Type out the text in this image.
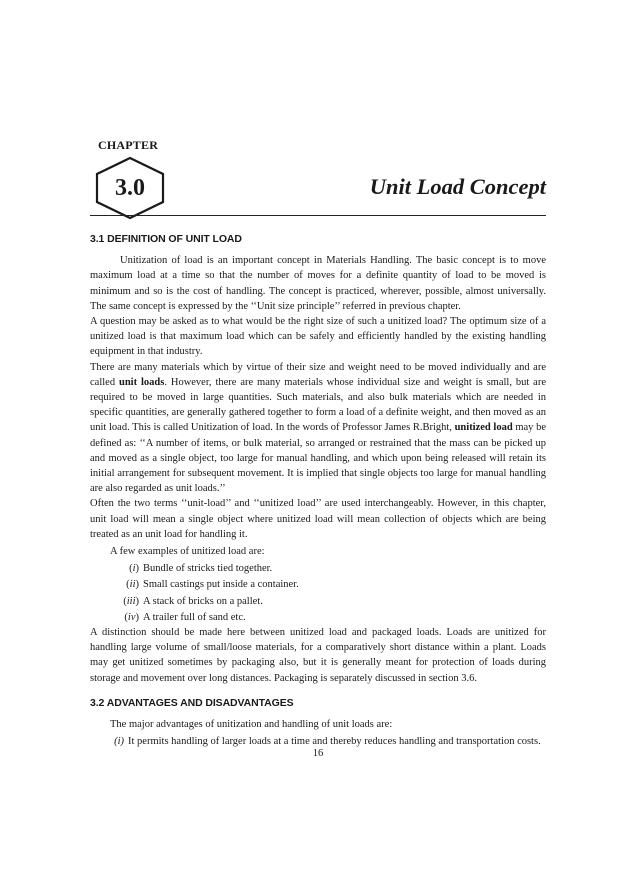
CHAPTER
3.0	Unit Load Concept
3.1 DEFINITION OF UNIT LOAD

Unitization of load is an important concept in Materials Handling. The basic concept is to move maximum load at a time so that the number of moves for a definite quantity of load to be moved is minimum and so is the cost of handling. The concept is practiced, wherever, possible, almost universally. The same concept is expressed by the ‘‘Unit size principle’’ referred in previous chapter.

A question may be asked as to what would be the right size of such a unitized load? The optimum size of a unitized load is that maximum load which can be safely and efficiently handled by the existing handling equipment in that industry.

There are many materials which by virtue of their size and weight need to be moved individually and are called unit loads. However, there are many materials whose individual size and weight is small, but are required to be moved in large quantities. Such materials, and also bulk materials which are needed in specific quantities, are generally gathered together to form a load of a definite weight, and then moved as an unit load. This is called Unitization of load. In the words of Professor James R.Bright, unitized load may be defined as: ‘‘A number of items, or bulk material, so arranged or restrained that the mass can be picked up and moved as a single object, too large for manual handling, and which upon being released will retain its initial arrangement for subsequent movement. It is implied that single objects too large for manual handling are also regarded as unit loads.’’

Often the two terms ‘‘unit-load’’ and ‘‘unitized load’’ are used interchangeably. However, in this chapter, unit load will mean a single object where unitized load will mean collection of objects which are being treated as an unit load for handling it.

A few examples of unitized load are:

(i) Bundle of stricks tied together.
(ii) Small castings put inside a container.
(iii) A stack of bricks on a pallet.
(iv) A trailer full of sand etc.

A distinction should be made here between unitized load and packaged loads. Loads are unitized for handling large volume of small/loose materials, for a comparatively short distance within a plant. Loads may get unitized sometimes by packaging also, but it is generally meant for protection of loads during storage and movement over long distances. Packaging is separately discussed in section 3.6.

3.2 ADVANTAGES AND DISADVANTAGES

The major advantages of unitization and handling of unit loads are:

(i) It permits handling of larger loads at a time and thereby reduces handling and transportation costs.
16
